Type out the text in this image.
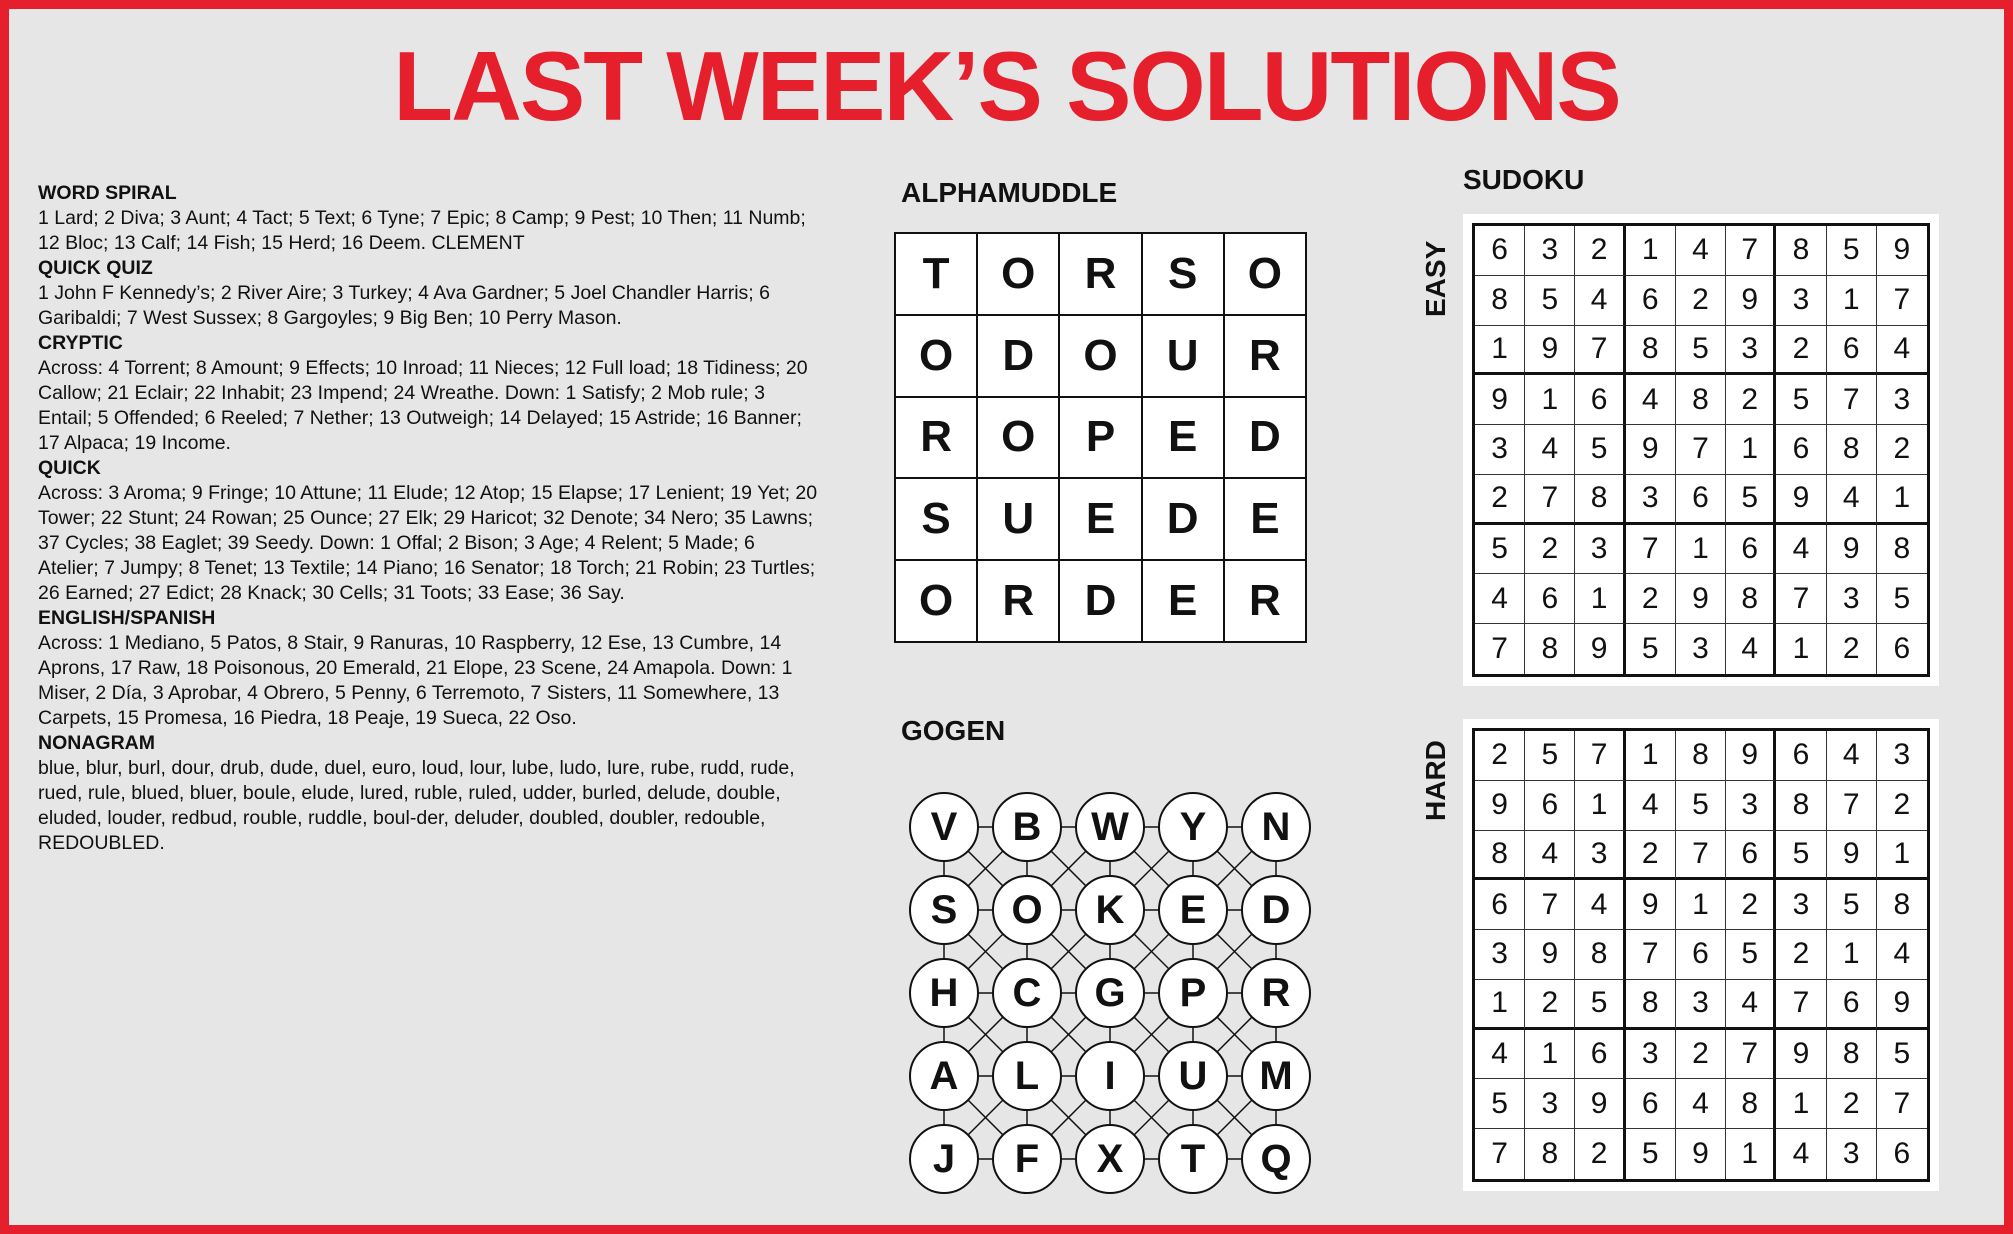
LAST WEEK’S SOLUTIONS
WORD SPIRAL
1 Lard; 2 Diva; 3 Aunt; 4 Tact; 5 Text; 6 Tyne; 7 Epic; 8 Camp; 9 Pest; 10 Then; 11 Numb; 12 Bloc; 13 Calf; 14 Fish; 15 Herd; 16 Deem. CLEMENT
QUICK QUIZ
1 John F Kennedy’s; 2 River Aire; 3 Turkey; 4 Ava Gardner; 5 Joel Chandler Harris; 6 Garibaldi; 7 West Sussex; 8 Gargoyles; 9 Big Ben; 10 Perry Mason.
CRYPTIC
Across: 4 Torrent; 8 Amount; 9 Effects; 10 Inroad; 11 Nieces; 12 Full load; 18 Tidiness; 20 Callow; 21 Eclair; 22 Inhabit; 23 Impend; 24 Wreathe. Down: 1 Satisfy; 2 Mob rule; 3 Entail; 5 Offended; 6 Reeled; 7 Nether; 13 Outweigh; 14 Delayed; 15 Astride; 16 Banner; 17 Alpaca; 19 Income.
QUICK
Across: 3 Aroma; 9 Fringe; 10 Attune; 11 Elude; 12 Atop; 15 Elapse; 17 Lenient; 19 Yet; 20 Tower; 22 Stunt; 24 Rowan; 25 Ounce; 27 Elk; 29 Haricot; 32 Denote; 34 Nero; 35 Lawns; 37 Cycles; 38 Eaglet; 39 Seedy. Down: 1 Offal; 2 Bison; 3 Age; 4 Relent; 5 Made; 6 Atelier; 7 Jumpy; 8 Tenet; 13 Textile; 14 Piano; 16 Senator; 18 Torch; 21 Robin; 23 Turtles; 26 Earned; 27 Edict; 28 Knack; 30 Cells; 31 Toots; 33 Ease; 36 Say.
ENGLISH/SPANISH
Across: 1 Mediano, 5 Patos, 8 Stair, 9 Ranuras, 10 Raspberry, 12 Ese, 13 Cumbre, 14 Aprons, 17 Raw, 18 Poisonous, 20 Emerald, 21 Elope, 23 Scene, 24 Amapola. Down: 1 Miser, 2 Día, 3 Aprobar, 4 Obrero, 5 Penny, 6 Terremoto, 7 Sisters, 11 Somewhere, 13 Carpets, 15 Promesa, 16 Piedra, 18 Peaje, 19 Sueca, 22 Oso.
NONAGRAM
blue, blur, burl, dour, drub, dude, duel, euro, loud, lour, lube, ludo, lure, rube, rudd, rude, rued, rule, blued, bluer, boule, elude, lured, ruble, ruled, udder, burled, delude, double, eluded, louder, redbud, rouble, ruddle, boul-der, deluder, doubled, doubler, redouble, REDOUBLED.
ALPHAMUDDLE
T	O	R	S	O
O	D	O	U	R
R	O	P	E	D
S	U	E	D	E
O	R	D	E	R
GOGEN
V	B	W	Y	N
S	O	K	E	D
H	C	G	P	R
A	L	I	U	M
J	F	X	T	Q
SUDOKU
EASY	6	3	2	1	4	7	8	5	9
8	5	4	6	2	9	3	1	7
1	9	7	8	5	3	2	6	4
9	1	6	4	8	2	5	7	3
3	4	5	9	7	1	6	8	2
2	7	8	3	6	5	9	4	1
5	2	3	7	1	6	4	9	8
4	6	1	2	9	8	7	3	5
7	8	9	5	3	4	1	2	6
HARD	2	5	7	1	8	9	6	4	3
9	6	1	4	5	3	8	7	2
8	4	3	2	7	6	5	9	1
6	7	4	9	1	2	3	5	8
3	9	8	7	6	5	2	1	4
1	2	5	8	3	4	7	6	9
4	1	6	3	2	7	9	8	5
5	3	9	6	4	8	1	2	7
7	8	2	5	9	1	4	3	6
